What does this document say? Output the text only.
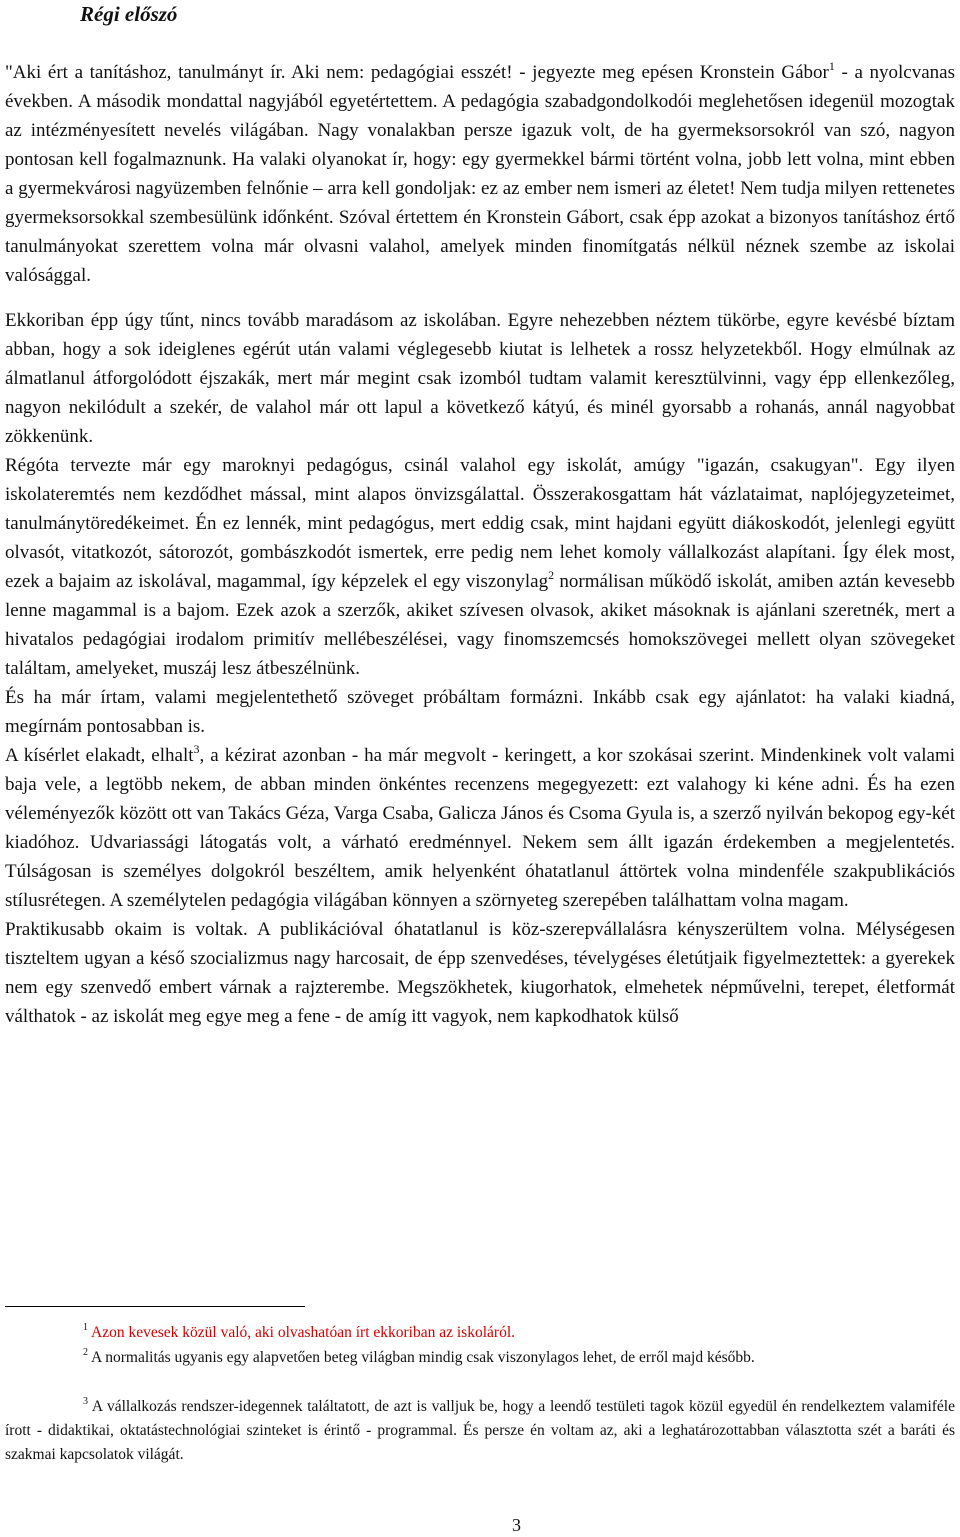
Régi előszó

"Aki ért a tanításhoz, tanulmányt ír. Aki nem: pedagógiai esszét! - jegyezte meg epésen Kronstein Gábor$^1$ - a nyolcvanas években. A második mondattal nagyjából egyetértettem. A pedagógia szabadgondolkodói meglehetősen idegenül mozogtak az intézményesített nevelés világában. Nagy vonalakban persze igazuk volt, de ha gyermeksorsokról van szó, nagyon pontosan kell fogalmaznunk. Ha valaki olyanokat ír, hogy: egy gyermekkel bármi történt volna, jobb lett volna, mint ebben a gyermekvárosi nagyüzemben felnőnie – arra kell gondoljak: ez az ember nem ismeri az életet! Nem tudja milyen rettenetes gyermeksorsokkal szembesülünk időnként. Szóval értettem én Kronstein Gábort, csak épp azokat a bizonyos tanításhoz értő tanulmányokat szerettem volna már olvasni valahol, amelyek minden finomítgatás nélkül néznek szembe az iskolai valósággal.

Ekkoriban épp úgy tűnt, nincs tovább maradásom az iskolában. Egyre nehezebben néztem tükörbe, egyre kevésbé bíztam abban, hogy a sok ideiglenes egérút után valami véglegesebb kiutat is lelhetek a rossz helyzetekből. Hogy elmúlnak az álmatlanul átforgolódott éjszakák, mert már megint csak izomból tudtam valamit keresztülvinni, vagy épp ellenkezőleg, nagyon nekilódult a szekér, de valahol már ott lapul a következő kátyú, és minél gyorsabb a rohanás, annál nagyobbat zökkenünk.

Régóta tervezte már egy maroknyi pedagógus, csinál valahol egy iskolát, amúgy "igazán, csakugyan". Egy ilyen iskolateremtés nem kezdődhet mással, mint alapos önvizsgálattal. Összerakosgattam hát vázlataimat, naplójegyzeteimet, tanulmánytöredékeimet. Én ez lennék, mint pedagógus, mert eddig csak, mint hajdani együtt diákoskodót, jelenlegi együtt olvasót, vitatkozót, sátorozót, gombászkodót ismertek, erre pedig nem lehet komoly vállalkozást alapítani. Így élek most, ezek a bajaim az iskolával, magammal, így képzelek el egy viszonylag$^2$ normálisan működő iskolát, amiben aztán kevesebb lenne magammal is a bajom. Ezek azok a szerzők, akiket szívesen olvasok, akiket másoknak is ajánlani szeretnék, mert a hivatalos pedagógiai irodalom primitív mellébeszélései, vagy finomszemcsés homokszövegei mellett olyan szövegeket találtam, amelyeket, muszáj lesz átbeszélnünk.

És ha már írtam, valami megjelentethető szöveget próbáltam formázni. Inkább csak egy ajánlatot: ha valaki kiadná, megírnám pontosabban is.

A kísérlet elakadt, elhalt$^3$, a kézirat azonban - ha már megvolt - keringett, a kor szokásai szerint. Mindenkinek volt valami baja vele, a legtöbb nekem, de abban minden önkéntes recenzens megegyezett: ezt valahogy ki kéne adni. És ha ezen véleményezők között ott van Takács Géza, Varga Csaba, Galicza János és Csoma Gyula is, a szerző nyilván bekopog egy-két kiadóhoz. Udvariassági látogatás volt, a várható eredménnyel. Nekem sem állt igazán érdekemben a megjelentetés. Túlságosan is személyes dolgokról beszéltem, amik helyenként óhatatlanul áttörtek volna mindenféle szakpublikációs stílusrétegen. A személytelen pedagógia világában könnyen a szörnyeteg szerepében találhattam volna magam.

Praktikusabb okaim is voltak. A publikációval óhatatlanul is köz-szerepvállalásra kényszerültem volna. Mélységesen tiszteltem ugyan a késő szocializmus nagy harcosait, de épp szenvedéses, tévelygéses életútjaik figyelmeztettek: a gyerekek nem egy szenvedő embert várnak a rajzterembe. Megszökhetek, kiugorhatok, elmehetek népművelni, terepet, életformát válthatok - az iskolát meg egye meg a fene - de amíg itt vagyok, nem kapkodhatok külső

$^1$ Azon kevesek közül való, aki olvashatóan írt ekkoriban az iskoláról.

$^2$ A normalitás ugyanis egy alapvetően beteg világban mindig csak viszonylagos lehet, de erről majd később.

$^3$ A vállalkozás rendszer-idegennek találtatott, de azt is valljuk be, hogy a leendő testületi tagok közül egyedül én rendelkeztem valamiféle írott - didaktikai, oktatástechnológiai szinteket is érintő - programmal. És persze én voltam az, aki a leghatározottabban választotta szét a baráti és szakmai kapcsolatok világát.

3
